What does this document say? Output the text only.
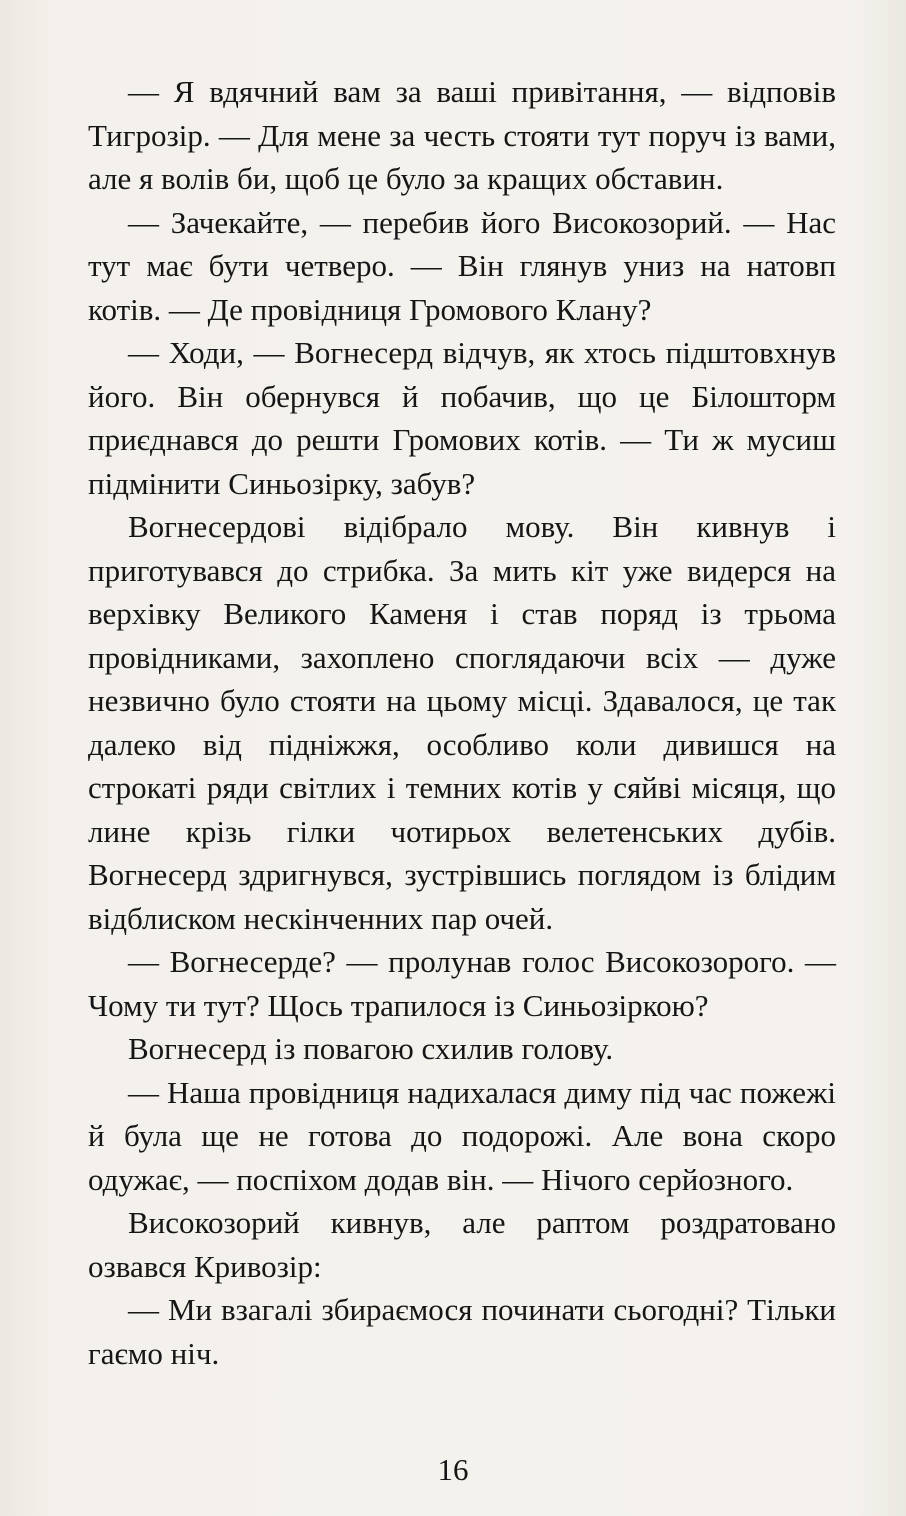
— Я вдячний вам за ваші привітання, — відповів Тигрозір. — Для мене за честь стояти тут поруч із вами, але я волів би, щоб це було за кращих обставин.

— Зачекайте, — перебив його Високозорий. — Нас тут має бути четверо. — Він глянув униз на натовп котів. — Де провідниця Громового Клану?

— Ходи, — Вогнесерд відчув, як хтось підштовхнув його. Він обернувся й побачив, що це Білошторм приєднався до решти Громових котів. — Ти ж мусиш підмінити Синьозірку, забув?

Вогнесердові відібрало мову. Він кивнув і приготувався до стрибка. За мить кіт уже видерся на верхівку Великого Каменя і став поряд із трьома провідниками, захоплено споглядаючи всіх — дуже незвично було стояти на цьому місці. Здавалося, це так далеко від підніжжя, особливо коли дивишся на строкаті ряди світлих і темних котів у сяйві місяця, що лине крізь гілки чотирьох велетенських дубів. Вогнесерд здригнувся, зустрівшись поглядом із блідим відблиском нескінченних пар очей.

— Вогнесерде? — пролунав голос Високозорого. — Чому ти тут? Щось трапилося із Синьозіркою?

Вогнесерд із повагою схилив голову.

— Наша провідниця надихалася диму під час пожежі й була ще не готова до подорожі. Але вона скоро одужає, — поспіхом додав він. — Нічого серйозного.

Високозорий кивнув, але раптом роздратовано озвався Кривозір:

— Ми взагалі збираємося починати сьогодні? Тільки гаємо ніч.

16
